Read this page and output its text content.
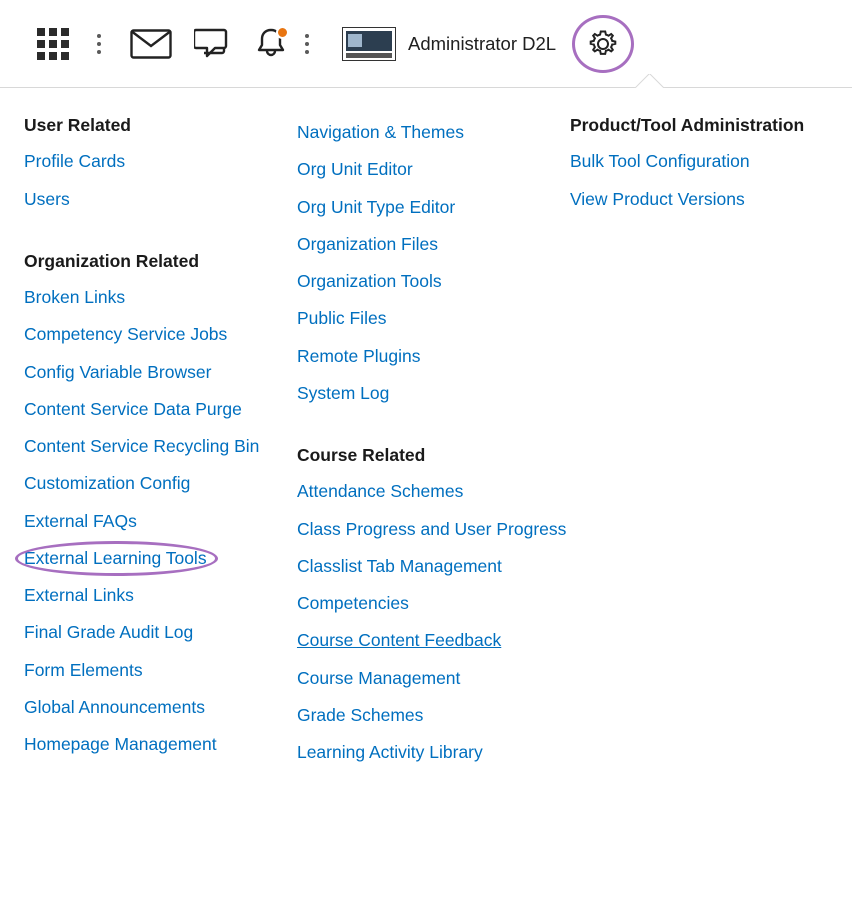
Administrator D2L
User Related
Profile Cards
Users
Organization Related
Broken Links
Competency Service Jobs
Config Variable Browser
Content Service Data Purge
Content Service Recycling Bin
Customization Config
External FAQs
External Learning Tools
External Links
Final Grade Audit Log
Form Elements
Global Announcements
Homepage Management
Navigation & Themes
Org Unit Editor
Org Unit Type Editor
Organization Files
Organization Tools
Public Files
Remote Plugins
System Log
Course Related
Attendance Schemes
Class Progress and User Progress
Classlist Tab Management
Competencies
Course Content Feedback
Course Management
Grade Schemes
Learning Activity Library
Product/Tool Administration
Bulk Tool Configuration
View Product Versions
